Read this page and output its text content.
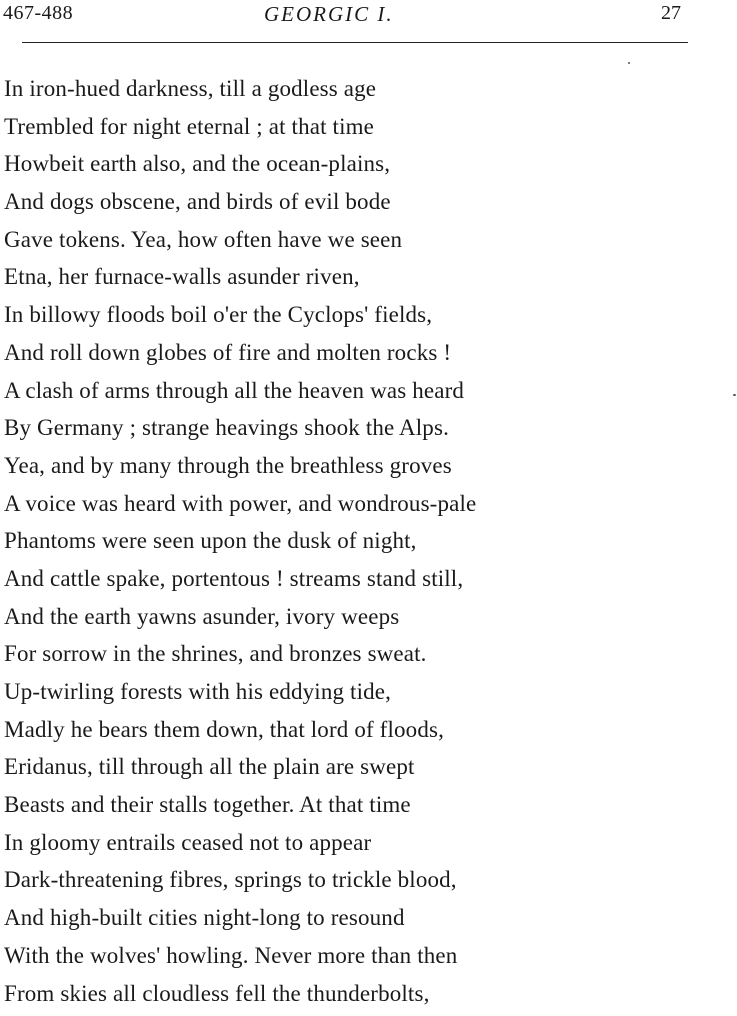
467-488	GEORGIC I.	27
In iron-hued darkness, till a godless age
Trembled for night eternal ; at that time
Howbeit earth also, and the ocean-plains,
And dogs obscene, and birds of evil bode
Gave tokens. Yea, how often have we seen
Etna, her furnace-walls asunder riven,
In billowy floods boil o'er the Cyclops' fields,
And roll down globes of fire and molten rocks !
A clash of arms through all the heaven was heard
By Germany ; strange heavings shook the Alps.
Yea, and by many through the breathless groves
A voice was heard with power, and wondrous-pale
Phantoms were seen upon the dusk of night,
And cattle spake, portentous ! streams stand still,
And the earth yawns asunder, ivory weeps
For sorrow in the shrines, and bronzes sweat.
Up-twirling forests with his eddying tide,
Madly he bears them down, that lord of floods,
Eridanus, till through all the plain are swept
Beasts and their stalls together. At that time
In gloomy entrails ceased not to appear
Dark-threatening fibres, springs to trickle blood,
And high-built cities night-long to resound
With the wolves' howling. Never more than then
From skies all cloudless fell the thunderbolts,
